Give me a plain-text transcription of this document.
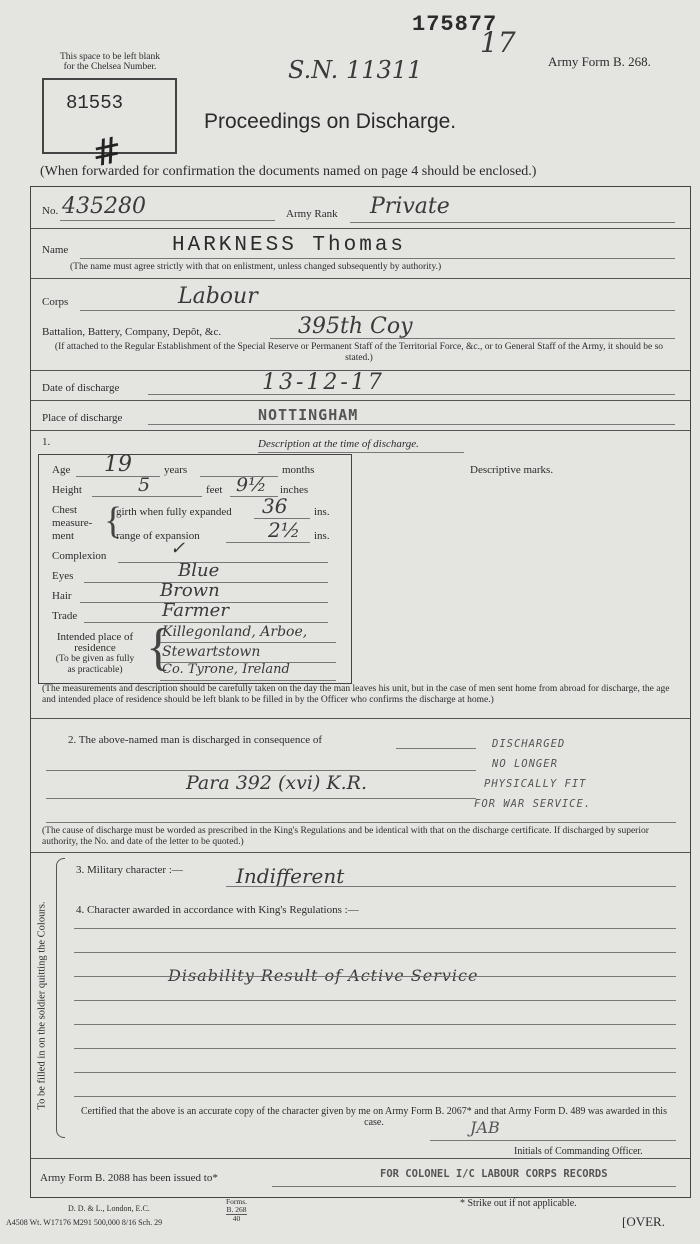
This space to be left blank
for the Chelsea Number.
81553
#
175877
17
S.N. 11311	Army Form B. 268.
Proceedings on Discharge.
(When forwarded for confirmation the documents named on page 4 should be enclosed.)
No. 435280	Army Rank Private
Name	HARKNESS Thomas
(The name must agree strictly with that on enlistment, unless changed subsequently by authority.)
Corps	Labour
Battalion, Battery, Company, Depôt, &c.	395th Coy
(If attached to the Regular Establishment of the Special Reserve or Permanent Staff of the Territorial Force, &c., or to General Staff of the Army, it should be so stated.)
Date of discharge	13-12-17
Place of discharge	NOTTINGHAM
1.	Description at the time of discharge.
Descriptive marks.
Age 19	years	months
Height	5	feet 9½ inches
Chest
measure-
ment {
girth when fully expanded 36 ins.
range of expansion	2½ ins.
Complexion	✓
Eyes	Blue
Hair	Brown
Trade	Farmer
Intended place of
residence
(To be given as fully
as practicable) {
Killegonland, Arboe,
Stewartstown
Co. Tyrone, Ireland
(The measurements and description should be carefully taken on the day the man leaves his unit, but in the case of men sent home from abroad for discharge, the age and intended place of residence should be left blank to be filled in by the Officer who confirms the discharge at home.)
2. The above-named man is discharged in consequence of
Para 392 (xvi) K.R.
DISCHARGED
NO LONGER
PHYSICALLY FIT
FOR WAR SERVICE.
(The cause of discharge must be worded as prescribed in the King's Regulations and be identical with that on the discharge certificate. If discharged by superior authority, the No. and date of the letter to be quoted.)
To be filled in on the soldier quitting the Colours.
3. Military character :—	Indifferent
4. Character awarded in accordance with King's Regulations :—
Disability Result of Active Service
Certified that the above is an accurate copy of the character given by me on Army Form B. 2067* and that Army Form D. 489 was awarded in this case.	JAB
Initials of Commanding Officer.
Army Form B. 2088 has been issued to*	FOR COLONEL I/C LABOUR CORPS RECORDS
* Strike out if not applicable.
D. D. & L., London, E.C.
Forms.
B. 268
40
A4508 Wt. W17176 M291 500,000 8/16 Sch. 29	[OVER.
